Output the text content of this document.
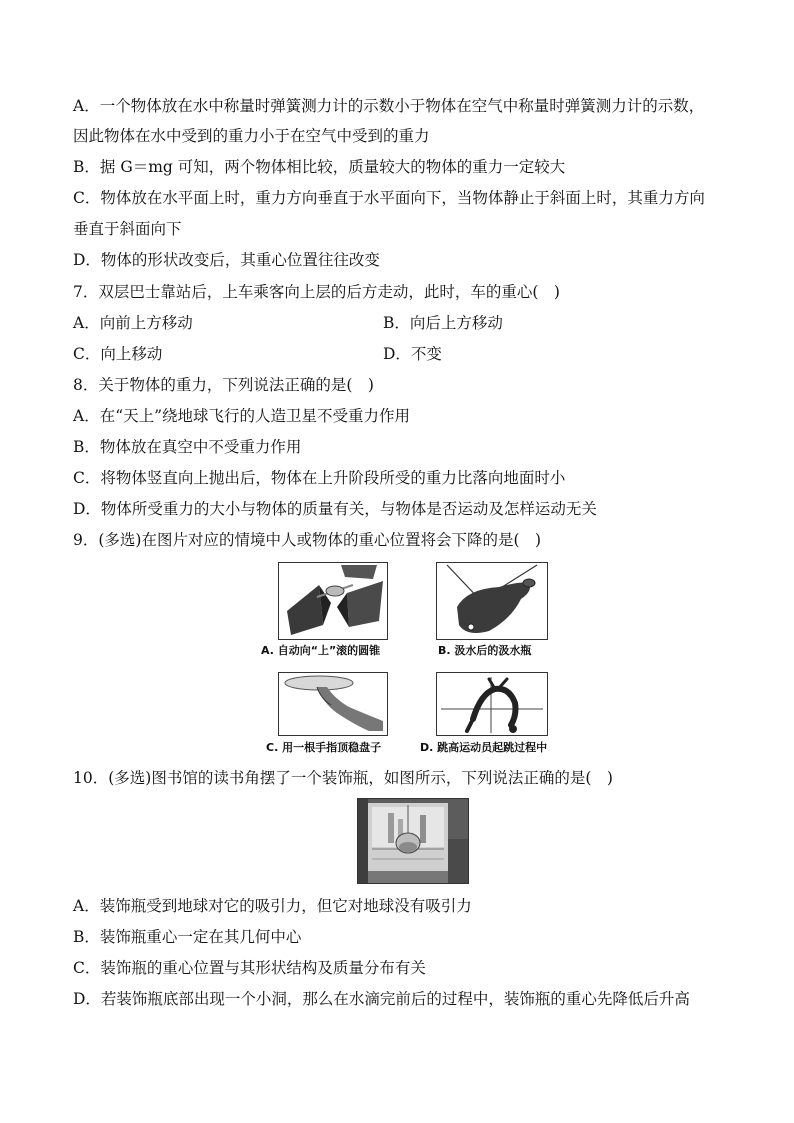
A．一个物体放在水中称量时弹簧测力计的示数小于物体在空气中称量时弹簧测力计的示数，
因此物体在水中受到的重力小于在空气中受到的重力
B．据 G＝mg 可知，两个物体相比较，质量较大的物体的重力一定较大
C．物体放在水平面上时，重力方向垂直于水平面向下，当物体静止于斜面上时，其重力方向
垂直于斜面向下
D．物体的形状改变后，其重心位置往往改变
7．双层巴士靠站后，上车乘客向上层的后方走动，此时，车的重心(　)
A．向前上方移动	B．向后上方移动
C．向上移动	D．不变
8．关于物体的重力，下列说法正确的是(　)
A．在“天上”绕地球飞行的人造卫星不受重力作用
B．物体放在真空中不受重力作用
C．将物体竖直向上抛出后，物体在上升阶段所受的重力比落向地面时小
D．物体所受重力的大小与物体的质量有关，与物体是否运动及怎样运动无关
9．(多选)在图片对应的情境中人或物体的重心位置将会下降的是(　)
A. 自动向“上”滚的圆锥	B. 汲水后的汲水瓶
C. 用一根手指顶稳盘子	D. 跳高运动员起跳过程中
10．(多选)图书馆的读书角摆了一个装饰瓶，如图所示，下列说法正确的是(　)
A．装饰瓶受到地球对它的吸引力，但它对地球没有吸引力
B．装饰瓶重心一定在其几何中心
C．装饰瓶的重心位置与其形状结构及质量分布有关
D．若装饰瓶底部出现一个小洞，那么在水滴完前后的过程中，装饰瓶的重心先降低后升高
